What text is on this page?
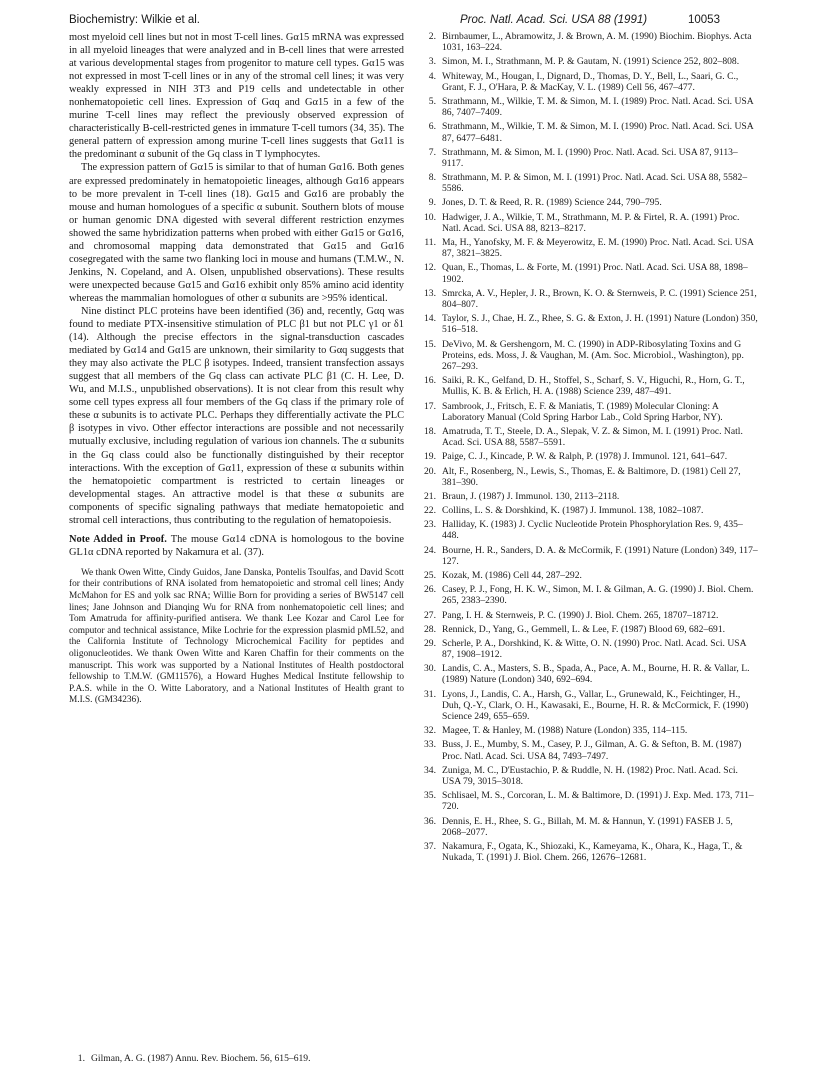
Biochemistry: Wilkie et al.	Proc. Natl. Acad. Sci. USA 88 (1991)	10053

most myeloid cell lines but not in most T-cell lines. Gα15 mRNA was expressed in all myeloid lineages that were analyzed and in B-cell lines that were arrested at various developmental stages from progenitor to mature cell types. Gα15 was not expressed in most T-cell lines or in any of the stromal cell lines; it was very weakly expressed in NIH 3T3 and P19 cells and undetectable in other nonhematopoietic cell lines. Expression of Gαq and Gα15 in a few of the murine T-cell lines may reflect the previously observed expression of characteristically B-cell-restricted genes in immature T-cell tumors (34, 35). The general pattern of expression among murine T-cell lines suggests that Gα11 is the predominant α subunit of the Gq class in T lymphocytes.

The expression pattern of Gα15 is similar to that of human Gα16. Both genes are expressed predominately in hematopoietic lineages, although Gα16 appears to be more prevalent in T-cell lines (18). Gα15 and Gα16 are probably the mouse and human homologues of a specific α subunit. Southern blots of mouse or human genomic DNA digested with several different restriction enzymes showed the same hybridization patterns when probed with either Gα15 or Gα16, and chromosomal mapping data demonstrated that Gα15 and Gα16 cosegregated with the same two flanking loci in mouse and humans (T.M.W., N. Jenkins, N. Copeland, and A. Olsen, unpublished observations). These results were unexpected because Gα15 and Gα16 exhibit only 85% amino acid identity whereas the mammalian homologues of other α subunits are >95% identical.

Nine distinct PLC proteins have been identified (36) and, recently, Gαq was found to mediate PTX-insensitive stimulation of PLC β1 but not PLC γ1 or δ1 (14). Although the precise effectors in the signal-transduction cascades mediated by Gα14 and Gα15 are unknown, their similarity to Gαq suggests that they may also activate the PLC β isotypes. Indeed, transient transfection assays suggest that all members of the Gq class can activate PLC β1 (C. H. Lee, D. Wu, and M.I.S., unpublished observations). It is not clear from this result why some cell types express all four members of the Gq class if the primary role of these α subunits is to activate PLC. Perhaps they differentially activate the PLC β isotypes in vivo. Other effector interactions are possible and not necessarily mutually exclusive, including regulation of various ion channels. The α subunits in the Gq class could also be functionally distinguished by their receptor interactions. With the exception of Gα11, expression of these α subunits within the hematopoietic compartment is restricted to certain lineages or developmental stages. An attractive model is that these α subunits are components of specific signaling pathways that mediate hematopoietic and stromal cell interactions, thus contributing to the regulation of hematopoiesis.

Note Added in Proof. The mouse Gα14 cDNA is homologous to the bovine GL1α cDNA reported by Nakamura et al. (37).

We thank Owen Witte, Cindy Guidos, Jane Danska, Pontelis Tsoulfas, and David Scott for their contributions of RNA isolated from hematopoietic and stromal cell lines; Andy McMahon for ES and yolk sac RNA; Willie Born for providing a series of BW5147 cell lines; Jane Johnson and Dianqing Wu for RNA from nonhematopoietic cell lines; and Tom Amatruda for affinity-purified antisera. We thank Lee Kozar and Carol Lee for computor and technical assistance, Mike Lochrie for the expression plasmid pML52, and the California Institute of Technology Microchemical Facility for peptides and oligonucleotides. We thank Owen Witte and Karen Chaffin for their comments on the manuscript. This work was supported by a National Institutes of Health postdoctoral fellowship to T.M.W. (GM11576), a Howard Hughes Medical Institute fellowship to P.A.S. while in the O. Witte Laboratory, and a National Institutes of Health grant to M.I.S. (GM34236).

1. Gilman, A. G. (1987) Annu. Rev. Biochem. 56, 615–619.
2. Birnbaumer, L., Abramowitz, J. & Brown, A. M. (1990) Biochim. Biophys. Acta 1031, 163–224.
3. Simon, M. I., Strathmann, M. P. & Gautam, N. (1991) Science 252, 802–808.
4. Whiteway, M., Hougan, I., Dignard, D., Thomas, D. Y., Bell, L., Saari, G. C., Grant, F. J., O'Hara, P. & MacKay, V. L. (1989) Cell 56, 467–477.
5. Strathmann, M., Wilkie, T. M. & Simon, M. I. (1989) Proc. Natl. Acad. Sci. USA 86, 7407–7409.
6. Strathmann, M., Wilkie, T. M. & Simon, M. I. (1990) Proc. Natl. Acad. Sci. USA 87, 6477–6481.
7. Strathmann, M. & Simon, M. I. (1990) Proc. Natl. Acad. Sci. USA 87, 9113–9117.
8. Strathmann, M. P. & Simon, M. I. (1991) Proc. Natl. Acad. Sci. USA 88, 5582–5586.
9. Jones, D. T. & Reed, R. R. (1989) Science 244, 790–795.
10. Hadwiger, J. A., Wilkie, T. M., Strathmann, M. P. & Firtel, R. A. (1991) Proc. Natl. Acad. Sci. USA 88, 8213–8217.
11. Ma, H., Yanofsky, M. F. & Meyerowitz, E. M. (1990) Proc. Natl. Acad. Sci. USA 87, 3821–3825.
12. Quan, E., Thomas, L. & Forte, M. (1991) Proc. Natl. Acad. Sci. USA 88, 1898–1902.
13. Smrcka, A. V., Hepler, J. R., Brown, K. O. & Sternweis, P. C. (1991) Science 251, 804–807.
14. Taylor, S. J., Chae, H. Z., Rhee, S. G. & Exton, J. H. (1991) Nature (London) 350, 516–518.
15. DeVivo, M. & Gershengorn, M. C. (1990) in ADP-Ribosylating Toxins and G Proteins, eds. Moss, J. & Vaughan, M. (Am. Soc. Microbiol., Washington), pp. 267–293.
16. Saiki, R. K., Gelfand, D. H., Stoffel, S., Scharf, S. V., Higuchi, R., Horn, G. T., Mullis, K. B. & Erlich, H. A. (1988) Science 239, 487–491.
17. Sambrook, J., Fritsch, E. F. & Maniatis, T. (1989) Molecular Cloning: A Laboratory Manual (Cold Spring Harbor Lab., Cold Spring Harbor, NY).
18. Amatruda, T. T., Steele, D. A., Slepak, V. Z. & Simon, M. I. (1991) Proc. Natl. Acad. Sci. USA 88, 5587–5591.
19. Paige, C. J., Kincade, P. W. & Ralph, P. (1978) J. Immunol. 121, 641–647.
20. Alt, F., Rosenberg, N., Lewis, S., Thomas, E. & Baltimore, D. (1981) Cell 27, 381–390.
21. Braun, J. (1987) J. Immunol. 130, 2113–2118.
22. Collins, L. S. & Dorshkind, K. (1987) J. Immunol. 138, 1082–1087.
23. Halliday, K. (1983) J. Cyclic Nucleotide Protein Phosphorylation Res. 9, 435–448.
24. Bourne, H. R., Sanders, D. A. & McCormik, F. (1991) Nature (London) 349, 117–127.
25. Kozak, M. (1986) Cell 44, 287–292.
26. Casey, P. J., Fong, H. K. W., Simon, M. I. & Gilman, A. G. (1990) J. Biol. Chem. 265, 2383–2390.
27. Pang, I. H. & Sternweis, P. C. (1990) J. Biol. Chem. 265, 18707–18712.
28. Rennick, D., Yang, G., Gemmell, L. & Lee, F. (1987) Blood 69, 682–691.
29. Scherle, P. A., Dorshkind, K. & Witte, O. N. (1990) Proc. Natl. Acad. Sci. USA 87, 1908–1912.
30. Landis, C. A., Masters, S. B., Spada, A., Pace, A. M., Bourne, H. R. & Vallar, L. (1989) Nature (London) 340, 692–694.
31. Lyons, J., Landis, C. A., Harsh, G., Vallar, L., Grunewald, K., Feichtinger, H., Duh, Q.-Y., Clark, O. H., Kawasaki, E., Bourne, H. R. & McCormick, F. (1990) Science 249, 655–659.
32. Magee, T. & Hanley, M. (1988) Nature (London) 335, 114–115.
33. Buss, J. E., Mumby, S. M., Casey, P. J., Gilman, A. G. & Sefton, B. M. (1987) Proc. Natl. Acad. Sci. USA 84, 7493–7497.
34. Zuniga, M. C., D'Eustachio, P. & Ruddle, N. H. (1982) Proc. Natl. Acad. Sci. USA 79, 3015–3018.
35. Schlisael, M. S., Corcoran, L. M. & Baltimore, D. (1991) J. Exp. Med. 173, 711–720.
36. Dennis, E. H., Rhee, S. G., Billah, M. M. & Hannun, Y. (1991) FASEB J. 5, 2068–2077.
37. Nakamura, F., Ogata, K., Shiozaki, K., Kameyama, K., Ohara, K., Haga, T., & Nukada, T. (1991) J. Biol. Chem. 266, 12676–12681.
